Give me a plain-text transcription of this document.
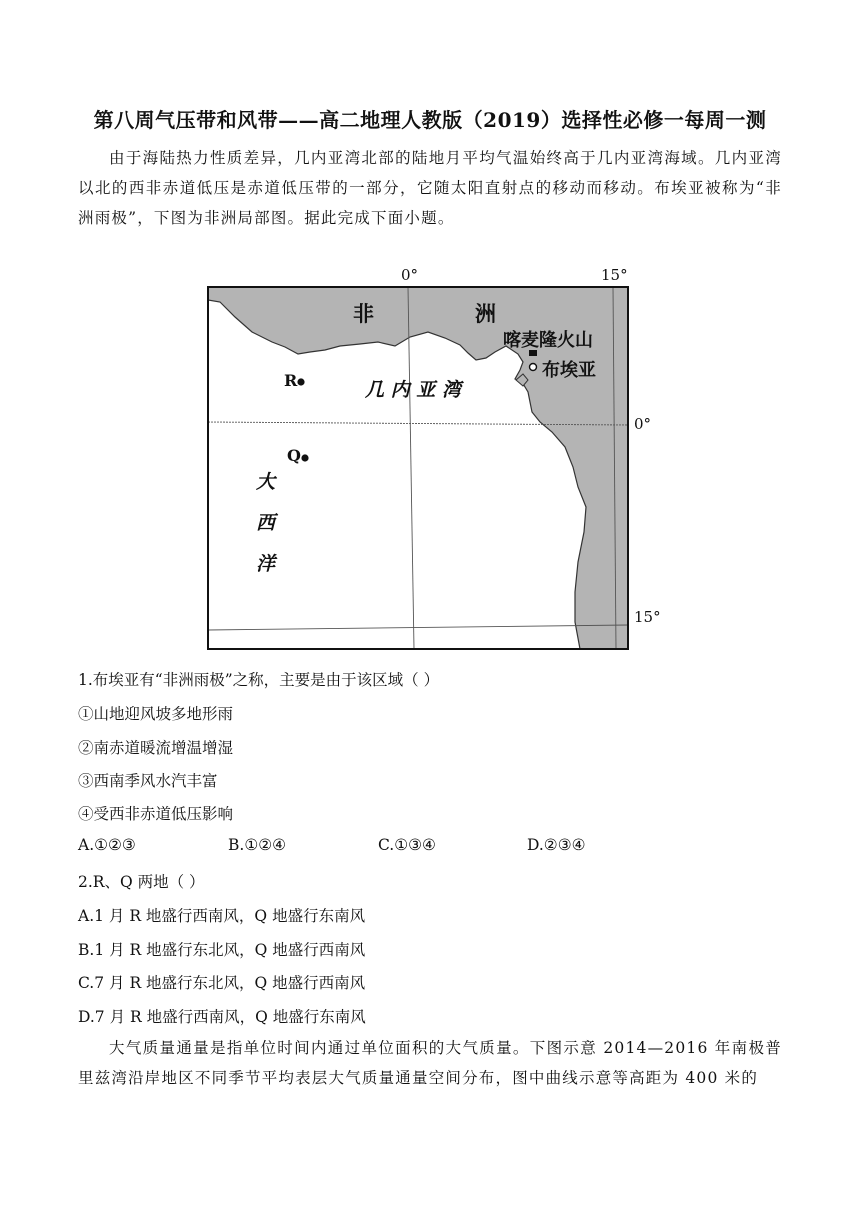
第八周气压带和风带——高二地理人教版（2019）选择性必修一每周一测
由于海陆热力性质差异，几内亚湾北部的陆地月平均气温始终高于几内亚湾海域。几内亚湾以北的西非赤道低压是赤道低压带的一部分，它随太阳直射点的移动而移动。布埃亚被称为“非洲雨极”，下图为非洲局部图。据此完成下面小题。
0°	15°
0°
15°
非	洲
喀麦隆火山
布埃亚
几 内 亚 湾
R
Q
大
西
洋
1.布埃亚有“非洲雨极”之称，主要是由于该区域（ ）
①山地迎风坡多地形雨
②南赤道暖流增温增湿
③西南季风水汽丰富
④受西非赤道低压影响
A.①②③	B.①②④	C.①③④	D.②③④
2.R、Q 两地（ ）
A.1 月 R 地盛行西南风，Q 地盛行东南风
B.1 月 R 地盛行东北风，Q 地盛行西南风
C.7 月 R 地盛行东北风，Q 地盛行西南风
D.7 月 R 地盛行西南风，Q 地盛行东南风
大气质量通量是指单位时间内通过单位面积的大气质量。下图示意 2014—2016 年南极普里兹湾沿岸地区不同季节平均表层大气质量通量空间分布，图中曲线示意等高距为 400 米的
